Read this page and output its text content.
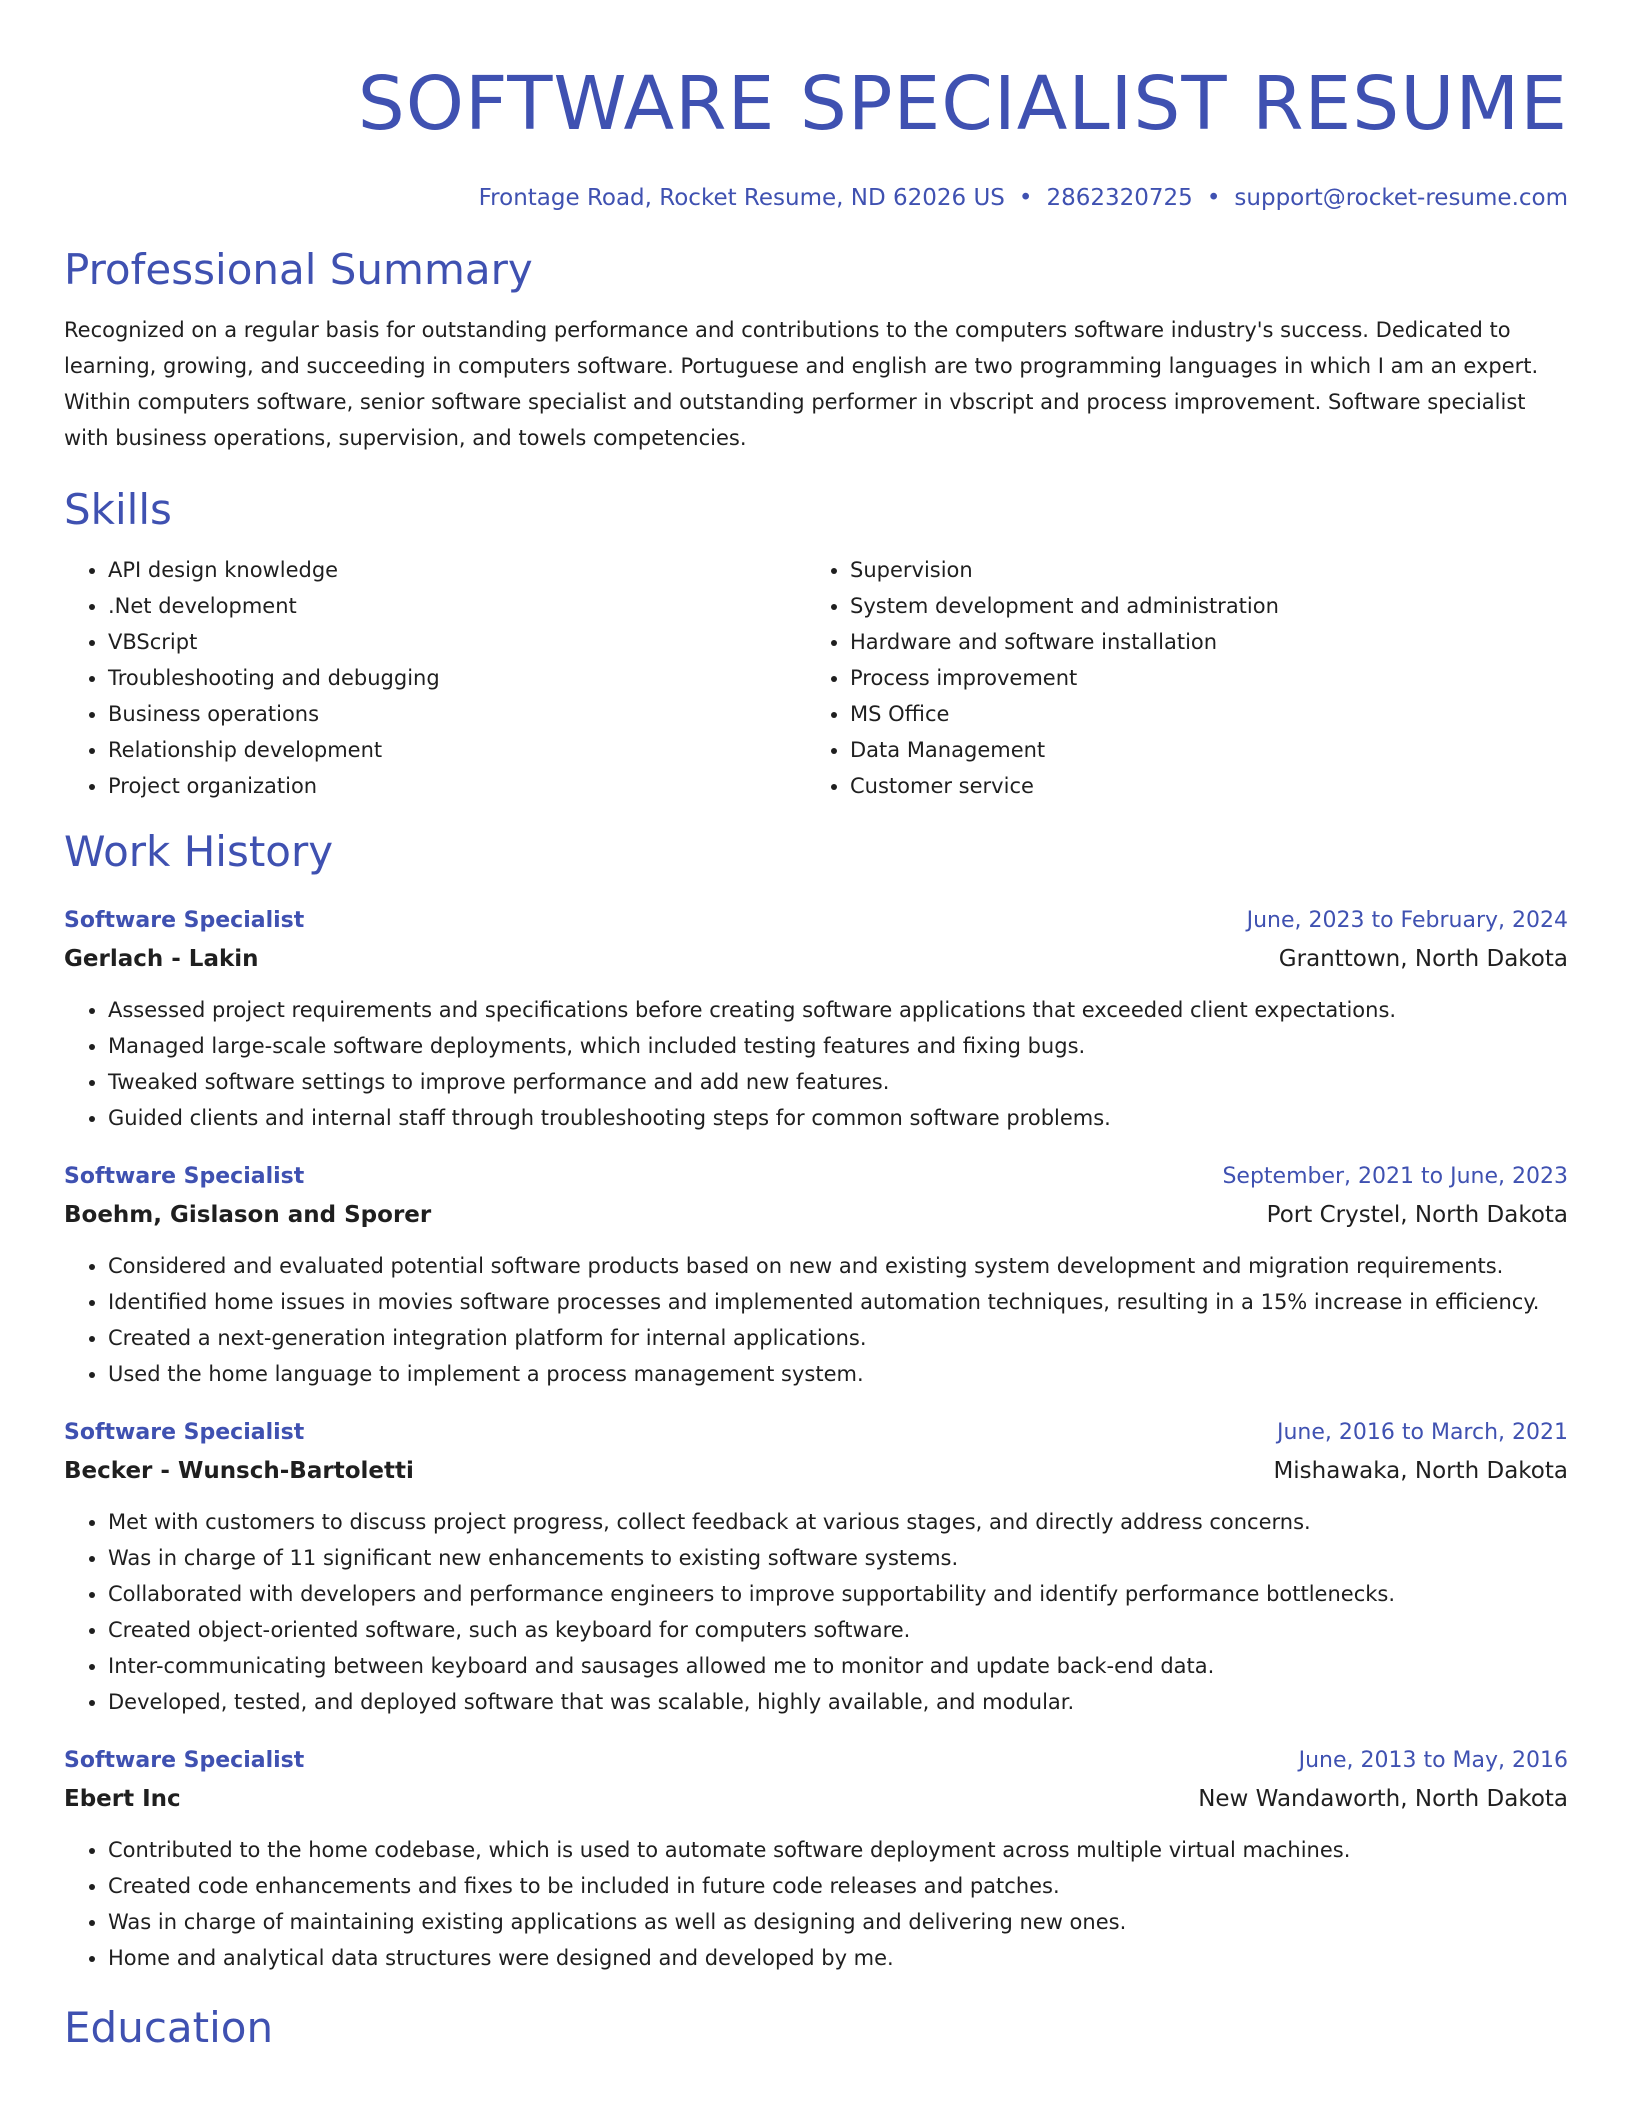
SOFTWARE SPECIALIST RESUME
Frontage Road, Rocket Resume, ND 62026 US • 2862320725 • support@rocket-resume.com
Professional Summary

Recognized on a regular basis for outstanding performance and contributions to the computers software industry's success. Dedicated to learning, growing, and succeeding in computers software. Portuguese and english are two programming languages in which I am an expert. Within computers software, senior software specialist and outstanding performer in vbscript and process improvement. Software specialist with business operations, supervision, and towels competencies.

Skills
• API design knowledge
• .Net development
• VBScript
• Troubleshooting and debugging
• Business operations
• Relationship development
• Project organization
• Supervision
• System development and administration
• Hardware and software installation
• Process improvement
• MS Office
• Data Management
• Customer service
Work History
Software Specialist	June, 2023 to February, 2024
Gerlach - Lakin	Granttown, North Dakota
• Assessed project requirements and specifications before creating software applications that exceeded client expectations.
• Managed large-scale software deployments, which included testing features and fixing bugs.
• Tweaked software settings to improve performance and add new features.
• Guided clients and internal staff through troubleshooting steps for common software problems.
Software Specialist	September, 2021 to June, 2023
Boehm, Gislason and Sporer	Port Crystel, North Dakota
• Considered and evaluated potential software products based on new and existing system development and migration requirements.
• Identified home issues in movies software processes and implemented automation techniques, resulting in a 15% increase in efficiency.
• Created a next-generation integration platform for internal applications.
• Used the home language to implement a process management system.
Software Specialist	June, 2016 to March, 2021
Becker - Wunsch-Bartoletti	Mishawaka, North Dakota
• Met with customers to discuss project progress, collect feedback at various stages, and directly address concerns.
• Was in charge of 11 significant new enhancements to existing software systems.
• Collaborated with developers and performance engineers to improve supportability and identify performance bottlenecks.
• Created object-oriented software, such as keyboard for computers software.
• Inter-communicating between keyboard and sausages allowed me to monitor and update back-end data.
• Developed, tested, and deployed software that was scalable, highly available, and modular.
Software Specialist	June, 2013 to May, 2016
Ebert Inc	New Wandaworth, North Dakota
• Contributed to the home codebase, which is used to automate software deployment across multiple virtual machines.
• Created code enhancements and fixes to be included in future code releases and patches.
• Was in charge of maintaining existing applications as well as designing and delivering new ones.
• Home and analytical data structures were designed and developed by me.
Education
